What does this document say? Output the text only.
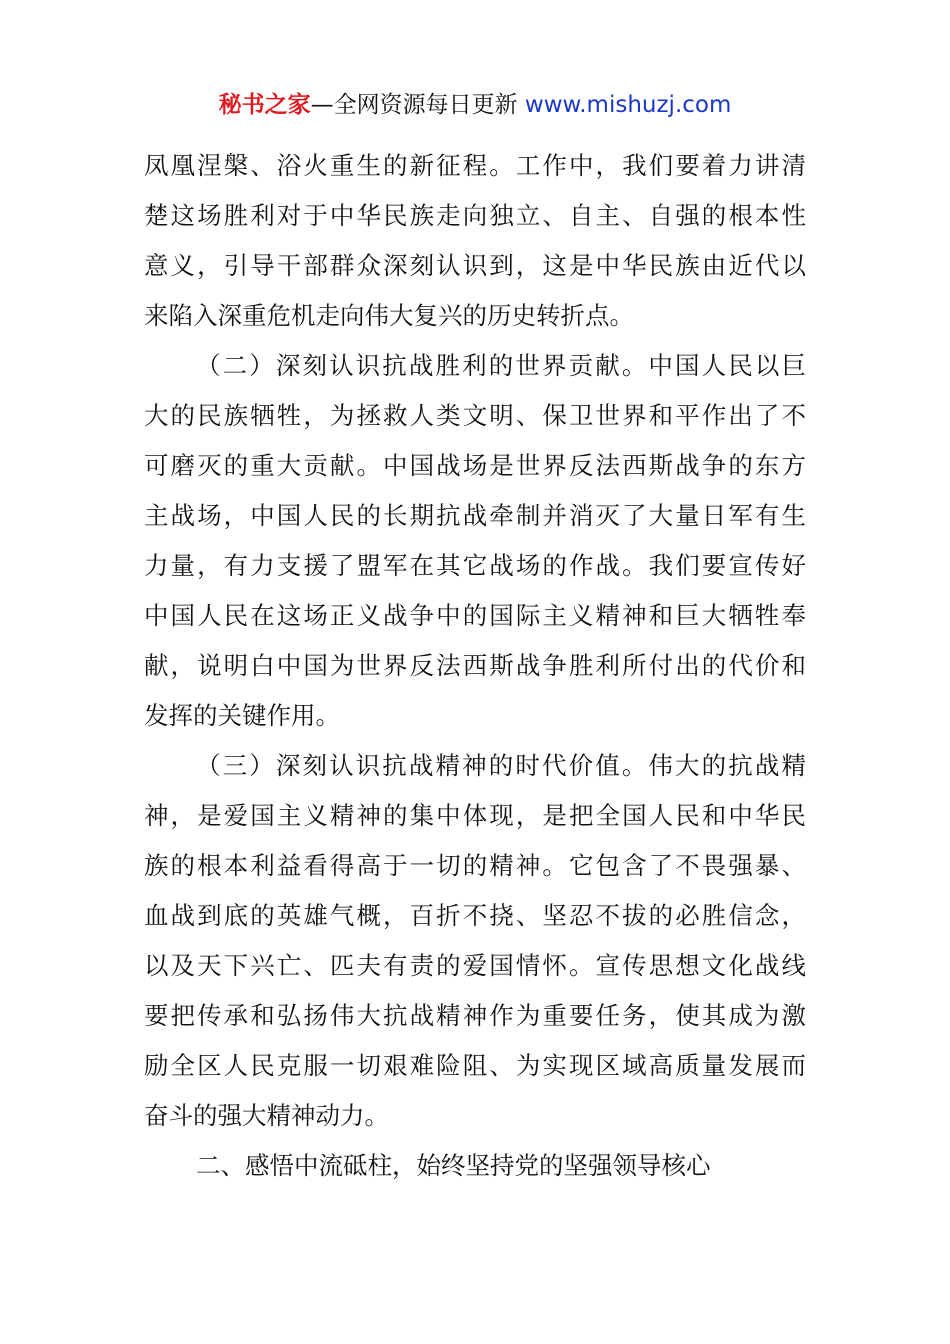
秘书之家—全网资源每日更新 www.mishuzj.com
凤凰涅槃、浴火重生的新征程。工作中，我们要着力讲清
楚这场胜利对于中华民族走向独立、自主、自强的根本性
意义，引导干部群众深刻认识到，这是中华民族由近代以
来陷入深重危机走向伟大复兴的历史转折点。
（二）深刻认识抗战胜利的世界贡献。中国人民以巨
大的民族牺牲，为拯救人类文明、保卫世界和平作出了不
可磨灭的重大贡献。中国战场是世界反法西斯战争的东方
主战场，中国人民的长期抗战牵制并消灭了大量日军有生
力量，有力支援了盟军在其它战场的作战。我们要宣传好
中国人民在这场正义战争中的国际主义精神和巨大牺牲奉
献，说明白中国为世界反法西斯战争胜利所付出的代价和
发挥的关键作用。
（三）深刻认识抗战精神的时代价值。伟大的抗战精
神，是爱国主义精神的集中体现，是把全国人民和中华民
族的根本利益看得高于一切的精神。它包含了不畏强暴、
血战到底的英雄气概，百折不挠、坚忍不拔的必胜信念，
以及天下兴亡、匹夫有责的爱国情怀。宣传思想文化战线
要把传承和弘扬伟大抗战精神作为重要任务，使其成为激
励全区人民克服一切艰难险阻、为实现区域高质量发展而
奋斗的强大精神动力。
二、感悟中流砥柱，始终坚持党的坚强领导核心
